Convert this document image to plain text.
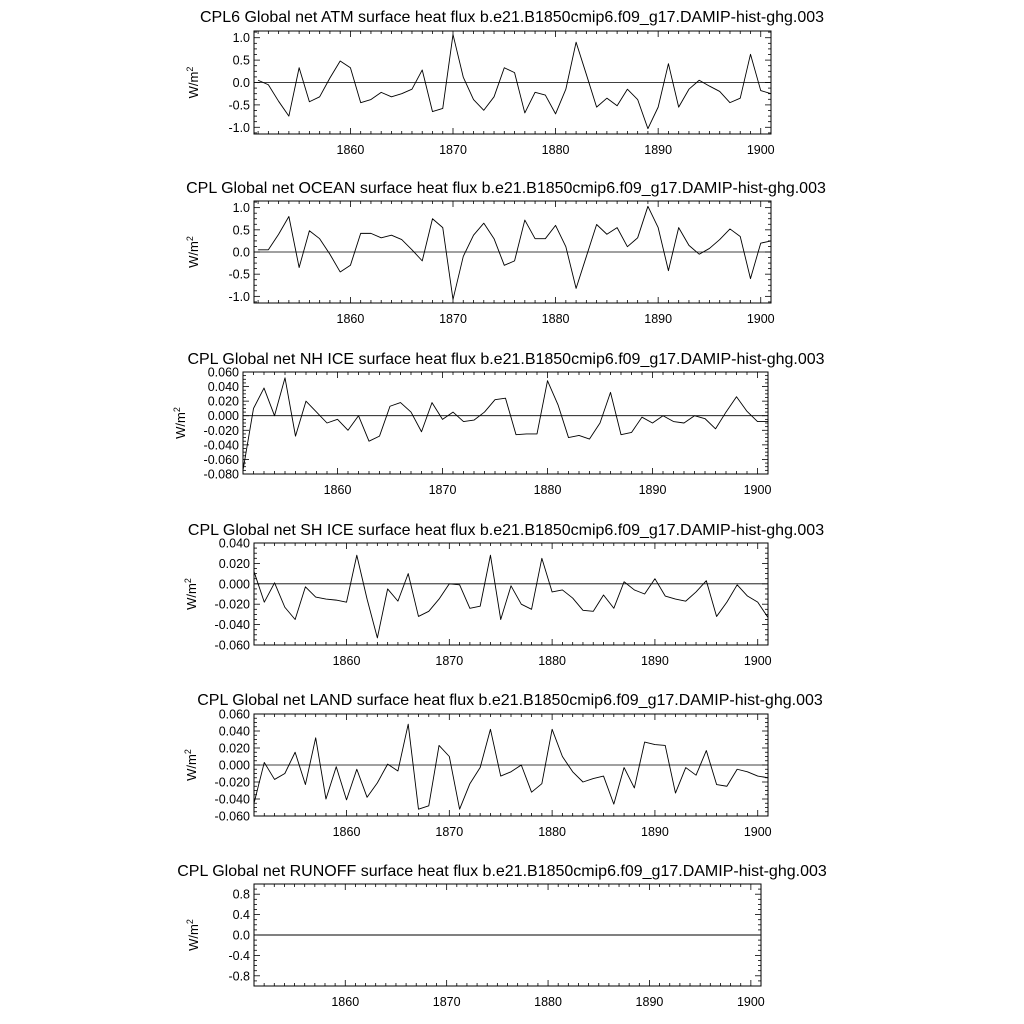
CPL6 Global net ATM surface heat flux b.e21.B1850cmip6.f09_g17.DAMIP-hist-ghg.003
1860	1870	1880	1890	1900
1.0
0.5
0.0
-0.5
-1.0
$W/m^2$
CPL Global net OCEAN surface heat flux b.e21.B1850cmip6.f09_g17.DAMIP-hist-ghg.003
1860	1870	1880	1890	1900
1.0
0.5
0.0
-0.5
-1.0
$W/m^2$
CPL Global net NH ICE surface heat flux b.e21.B1850cmip6.f09_g17.DAMIP-hist-ghg.003
1860	1870	1880	1890	1900
0.060
0.040
0.020
0.000
-0.020
-0.040
-0.060
-0.080
$W/m^2$
CPL Global net SH ICE surface heat flux b.e21.B1850cmip6.f09_g17.DAMIP-hist-ghg.003
1860	1870	1880	1890	1900
0.040
0.020
0.000
-0.020
-0.040
-0.060
$W/m^2$
CPL Global net LAND surface heat flux b.e21.B1850cmip6.f09_g17.DAMIP-hist-ghg.003
1860	1870	1880	1890	1900
0.060
0.040
0.020
0.000
-0.020
-0.040
-0.060
$W/m^2$
CPL Global net RUNOFF surface heat flux b.e21.B1850cmip6.f09_g17.DAMIP-hist-ghg.003
1860	1870	1880	1890	1900
0.8
0.4
0.0
-0.4
-0.8
$W/m^2$
